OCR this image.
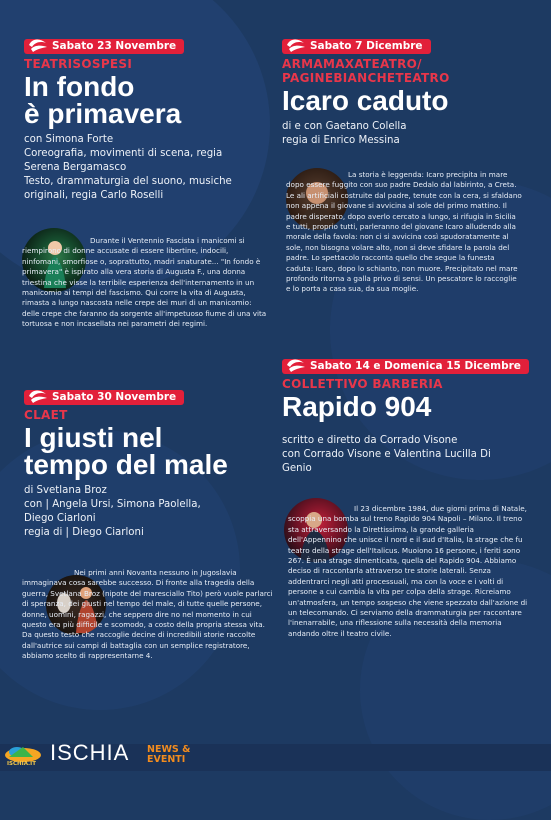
Sabato 23 Novembre
TEATRISOSPESI
In fondo
è primavera
con Simona Forte
Coreografia, movimenti di scena, regia
Serena Bergamasco
Testo, drammaturgia del suono, musiche
originali, regia Carlo Roselli
Durante il Ventennio Fascista i manicomi si riempirono di donne accusate di essere libertine, indocili, ninfomani, smorfiose o, soprattutto, madri snaturate... "In fondo è primavera" è ispirato alla vera storia di Augusta F., una donna triestina che visse la terribile esperienza dell'internamento in un manicomio ai tempi del fascismo. Qui corre la vita di Augusta, rimasta a lungo nascosta nelle crepe dei muri di un manicomio: delle crepe che faranno da sorgente all'impetuoso fiume di una vita tortuosa e non incasellata nei parametri dei regimi.
Sabato 30 Novembre
CLAET
I giusti nel
tempo del male
di Svetlana Broz
con | Angela Ursi, Simona Paolella,
Diego Ciarloni
regia di | Diego Ciarloni
Nei primi anni Novanta nessuno in Jugoslavia immaginava cosa sarebbe successo. Di fronte alla tragedia della guerra, Svetlana Broz (nipote del maresciallo Tito) però vuole parlarci di speranza, dei giusti nel tempo del male, di tutte quelle persone, donne, uomini, ragazzi, che seppero dire no nel momento in cui questo era più difficile e scomodo, a costo della propria stessa vita. Da questo testo che raccoglie decine di incredibili storie raccolte dall'autrice sui campi di battaglia con un semplice registratore, abbiamo scelto di rappresentarne 4.
Sabato 7 Dicembre
ARMAMAXATEATRO/
PAGINEBIANCHETEATRO
Icaro caduto
di e con Gaetano Colella
regia di Enrico Messina
La storia è leggenda: Icaro precipita in mare dopo essere fuggito con suo padre Dedalo dal labirinto, a Creta. Le ali artificiali costruite dal padre, tenute con la cera, si sfaldano non appena il giovane si avvicina al sole del primo mattino. Il padre disperato, dopo averlo cercato a lungo, si rifugia in Sicilia e tutti, proprio tutti, parleranno del giovane Icaro alludendo alla morale della favola: non ci si avvicina così spudoratamente al sole, non bisogna volare alto, non si deve sfidare la parola del padre. Lo spettacolo racconta quello che segue la funesta caduta: Icaro, dopo lo schianto, non muore. Precipitato nel mare profondo ritorna a galla privo di sensi. Un pescatore lo raccoglie e lo porta a casa sua, da sua moglie.
Sabato 14 e Domenica 15 Dicembre
COLLETTIVO BARBERIA
Rapido 904
scritto e diretto da Corrado Visone
con Corrado Visone e Valentina Lucilla Di
Genio
Il 23 dicembre 1984, due giorni prima di Natale, scoppia una bomba sul treno Rapido 904 Napoli – Milano. Il treno sta attraversando la Direttissima, la grande galleria dell'Appennino che unisce il nord e il sud d'Italia, la strage che fu teatro della strage dell'Italicus. Muoiono 16 persone, i feriti sono 267. È una strage dimenticata, quella del Rapido 904. Abbiamo deciso di raccontarla attraverso tre storie laterali. Senza addentrarci negli atti processuali, ma con la voce e i volti di persone a cui cambia la vita per colpa della strage. Ricreiamo un'atmosfera, un tempo sospeso che viene spezzato dall'azione di un telecomando. Ci serviamo della drammaturgia per raccontare l'inenarrabile, una riflessione sulla necessità della memoria andando oltre il teatro civile.
ISCHIA.IT ISCHIA NEWS &
EVENTI
